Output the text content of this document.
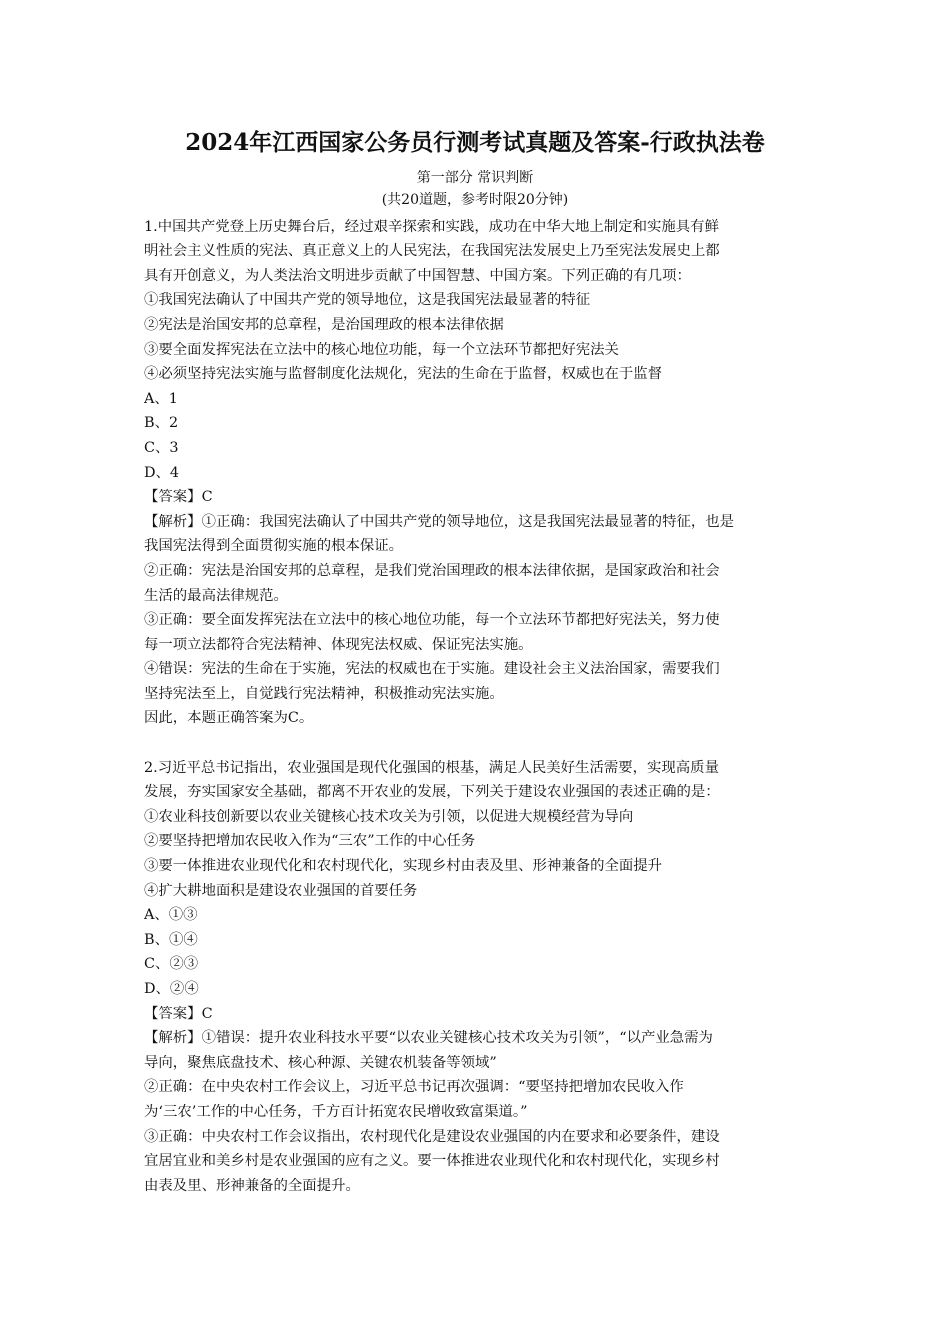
2024年江西国家公务员行测考试真题及答案-行政执法卷
第一部分 常识判断
(共20道题，参考时限20分钟)
1.中国共产党登上历史舞台后，经过艰辛探索和实践，成功在中华大地上制定和实施具有鲜
明社会主义性质的宪法、真正意义上的人民宪法，在我国宪法发展史上乃至宪法发展史上都
具有开创意义，为人类法治文明进步贡献了中国智慧、中国方案。下列正确的有几项：
①我国宪法确认了中国共产党的领导地位，这是我国宪法最显著的特征
②宪法是治国安邦的总章程，是治国理政的根本法律依据
③要全面发挥宪法在立法中的核心地位功能，每一个立法环节都把好宪法关
④必须坚持宪法实施与监督制度化法规化，宪法的生命在于监督，权威也在于监督
A、1
B、2
C、3
D、4
【答案】C
【解析】①正确：我国宪法确认了中国共产党的领导地位，这是我国宪法最显著的特征，也是
我国宪法得到全面贯彻实施的根本保证。
②正确：宪法是治国安邦的总章程，是我们党治国理政的根本法律依据，是国家政治和社会
生活的最高法律规范。
③正确：要全面发挥宪法在立法中的核心地位功能，每一个立法环节都把好宪法关，努力使
每一项立法都符合宪法精神、体现宪法权威、保证宪法实施。
④错误：宪法的生命在于实施，宪法的权威也在于实施。建设社会主义法治国家，需要我们
坚持宪法至上，自觉践行宪法精神，积极推动宪法实施。
因此，本题正确答案为C。
2.习近平总书记指出，农业强国是现代化强国的根基，满足人民美好生活需要，实现高质量
发展，夯实国家安全基础，都离不开农业的发展，下列关于建设农业强国的表述正确的是：
①农业科技创新要以农业关键核心技术攻关为引领，以促进大规模经营为导向
②要坚持把增加农民收入作为“三农”工作的中心任务
③要一体推进农业现代化和农村现代化，实现乡村由表及里、形神兼备的全面提升
④扩大耕地面积是建设农业强国的首要任务
A、①③
B、①④
C、②③
D、②④
【答案】C
【解析】①错误：提升农业科技水平要“以农业关键核心技术攻关为引领”，“以产业急需为
导向，聚焦底盘技术、核心种源、关键农机装备等领域”
②正确：在中央农村工作会议上，习近平总书记再次强调：“要坚持把增加农民收入作
为‘三农’工作的中心任务，千方百计拓宽农民增收致富渠道。”
③正确：中央农村工作会议指出，农村现代化是建设农业强国的内在要求和必要条件，建设
宜居宜业和美乡村是农业强国的应有之义。要一体推进农业现代化和农村现代化，实现乡村
由表及里、形神兼备的全面提升。
